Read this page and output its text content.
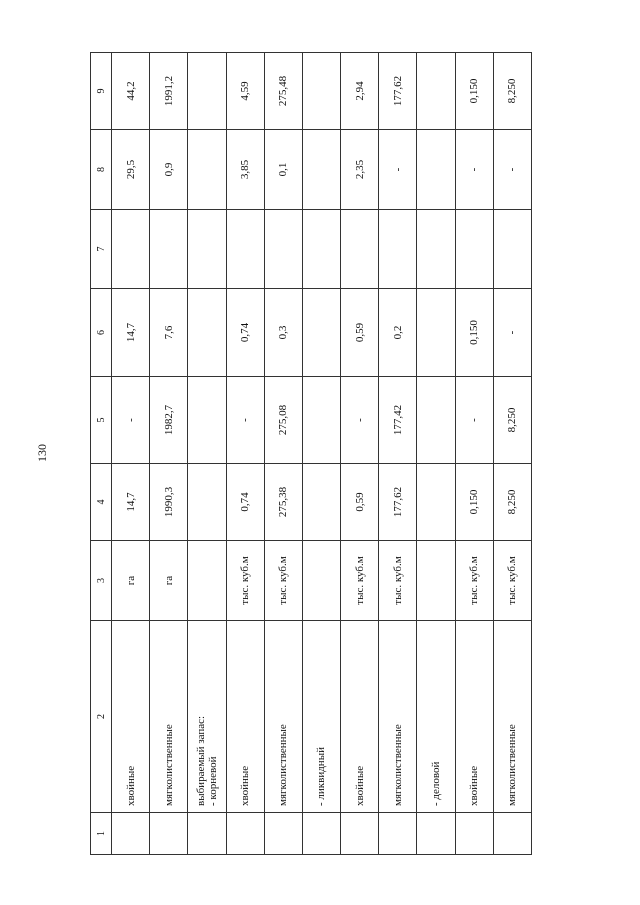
130
1	2	3	4	5	6	7	8	9
	хвойные	га	14,7	-	14,7		29,5	44,2
	мягколиственные	га	1990,3	1982,7	7,6		0,9	1991,2
	выбираемый запас:
- корневой							
	хвойные	тыс. куб.м	0,74	-	0,74		3,85	4,59
	мягколиственные	тыс. куб.м	275,38	275,08	0,3		0,1	275,48
	- ликвидный							
	хвойные	тыс. куб.м	0,59	-	0,59		2,35	2,94
	мягколиственные	тыс. куб.м	177,62	177,42	0,2		-	177,62
	- деловой							
	хвойные	тыс. куб.м	0,150	-	0,150		-	0,150
	мягколиственные	тыс. куб.м	8,250	8,250	-		-	8,250
